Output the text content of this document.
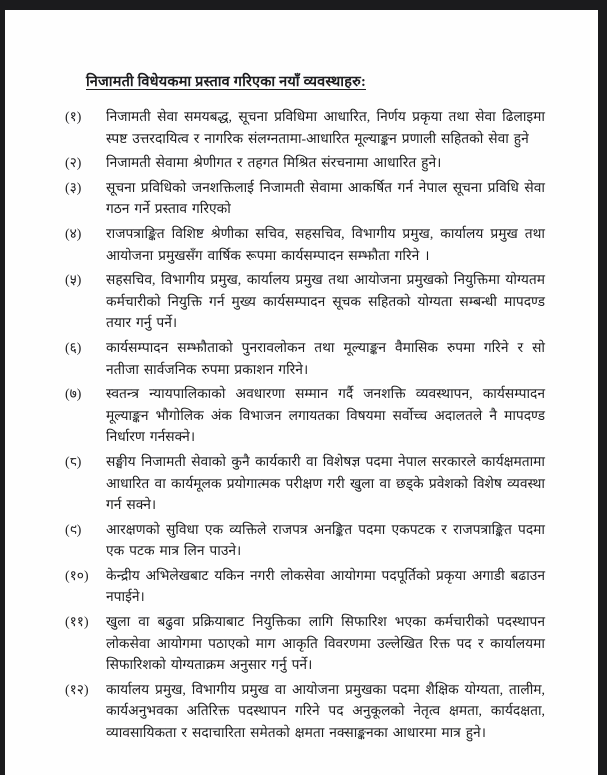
निजामती विधेयकमा प्रस्ताव गरिएका नयाँ व्यवस्थाहरु:
(१)	निजामती सेवा समयबद्ध, सूचना प्रविधिमा आधारित, निर्णय प्रकृया तथा सेवा ढिलाइमा स्पष्ट उत्तरदायित्व र नागरिक संलग्नतामा-आधारित मूल्याङ्कन प्रणाली सहितको सेवा हुने
(२)	निजामती सेवामा श्रेणीगत र तहगत मिश्रित संरचनामा आधारित हुने।
(३)	सूचना प्रविधिको जनशक्तिलाई निजामती सेवामा आकर्षित गर्न नेपाल सूचना प्रविधि सेवा गठन गर्ने प्रस्ताव गरिएको
(४)	राजपत्राङ्कित विशिष्ट श्रेणीका सचिव, सहसचिव, विभागीय प्रमुख, कार्यालय प्रमुख तथा आयोजना प्रमुखसँग वार्षिक रूपमा कार्यसम्पादन सम्झौता गरिने ।
(५)	सहसचिव, विभागीय प्रमुख, कार्यालय प्रमुख तथा आयोजना प्रमुखको नियुक्तिमा योग्यतम कर्मचारीको नियुक्ति गर्न मुख्य कार्यसम्पादन सूचक सहितको योग्यता सम्बन्धी मापदण्ड तयार गर्नु पर्ने।
(६)	कार्यसम्पादन सम्झौताको पुनरावलोकन तथा मूल्याङ्कन वैमासिक रुपमा गरिने र सो नतीजा सार्वजनिक रुपमा प्रकाशन गरिने।
(७)	स्वतन्त्र न्यायपालिकाको अवधारणा सम्मान गर्दै जनशक्ति व्यवस्थापन, कार्यसम्पादन मूल्याङ्कन भौगोलिक अंक विभाजन लगायतका विषयमा सर्वोच्च अदालतले नै मापदण्ड निर्धारण गर्नसक्ने।
(८)	सङ्घीय निजामती सेवाको कुनै कार्यकारी वा विशेषज्ञ पदमा नेपाल सरकारले कार्यक्षमतामा आधारित वा कार्यमूलक प्रयोगात्मक परीक्षण गरी खुला वा छड्के प्रवेशको विशेष व्यवस्था गर्न सक्ने।
(९)	आरक्षणको सुविधा एक व्यक्तिले राजपत्र अनङ्कित पदमा एकपटक र राजपत्राङ्कित पदमा एक पटक मात्र लिन पाउने।
(१०)	केन्द्रीय अभिलेखबाट यकिन नगरी लोकसेवा आयोगमा पदपूर्तिको प्रकृया अगाडी बढाउन नपाईने।
(११)	खुला वा बढुवा प्रक्रियाबाट नियुक्तिका लागि सिफारिश भएका कर्मचारीको पदस्थापन लोकसेवा आयोगमा पठाएको माग आकृति विवरणमा उल्लेखित रिक्त पद र कार्यालयमा सिफारिशको योग्यताक्रम अनुसार गर्नु पर्ने।
(१२)	कार्यालय प्रमुख, विभागीय प्रमुख वा आयोजना प्रमुखका पदमा शैक्षिक योग्यता, तालीम, कार्यअनुभवका अतिरिक्त पदस्थापन गरिने पद अनुकूलको नेतृत्व क्षमता, कार्यदक्षता, व्यावसायिकता र सदाचारिता समेतको क्षमता नक्साङ्कनका आधारमा मात्र हुने।
